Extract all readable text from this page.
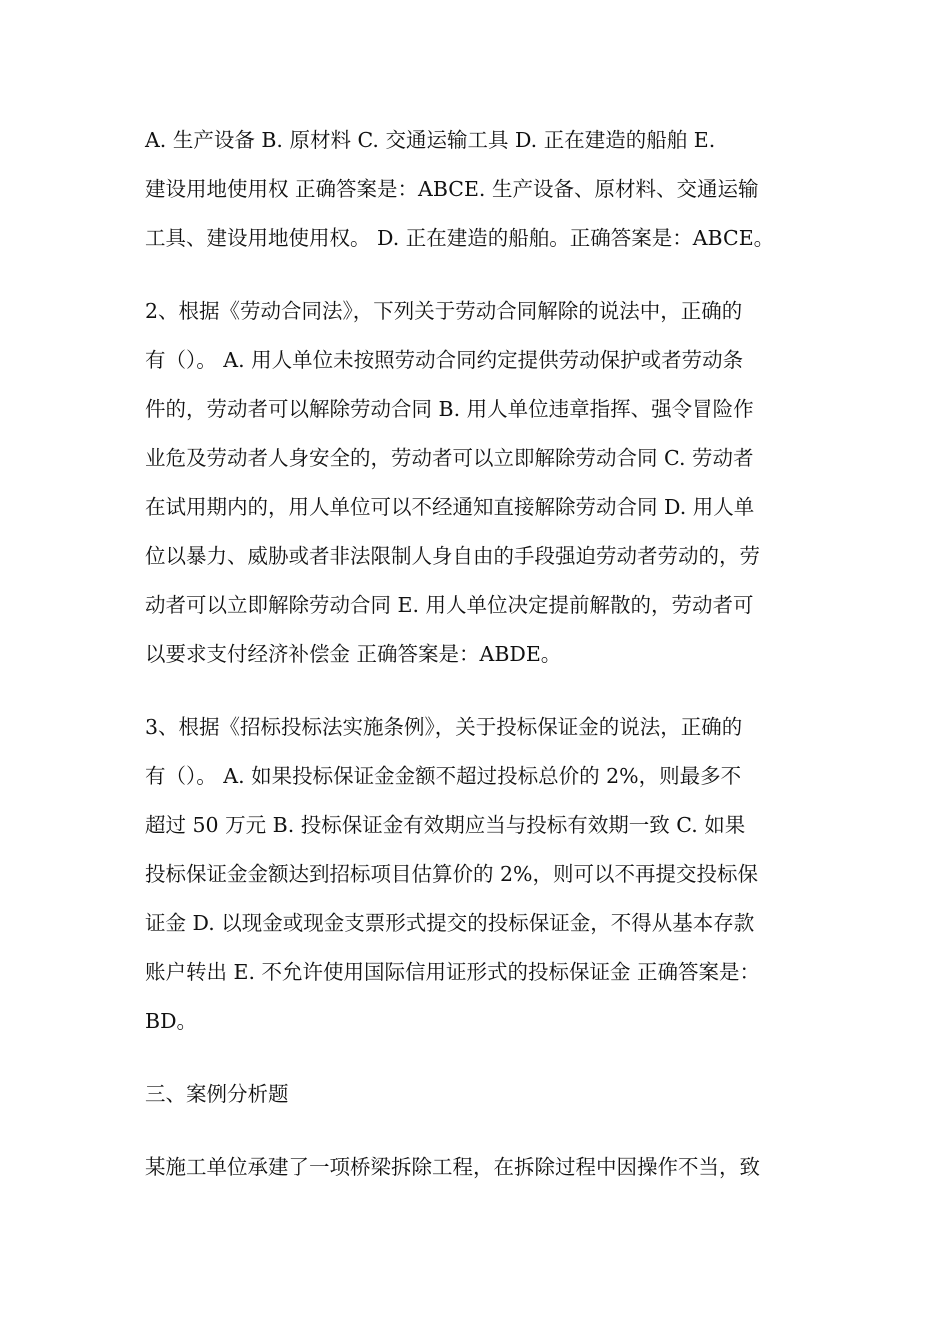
A. 生产设备 B. 原材料 C. 交通运输工具 D. 正在建造的船舶 E.
建设用地使用权 正确答案是：ABCE. 生产设备、原材料、交通运输
工具、建设用地使用权。 D. 正在建造的船舶。正确答案是：ABCE。

2、根据《劳动合同法》，下列关于劳动合同解除的说法中，正确的
有（）。 A. 用人单位未按照劳动合同约定提供劳动保护或者劳动条
件的，劳动者可以解除劳动合同 B. 用人单位违章指挥、强令冒险作
业危及劳动者人身安全的，劳动者可以立即解除劳动合同 C. 劳动者
在试用期内的，用人单位可以不经通知直接解除劳动合同 D. 用人单
位以暴力、威胁或者非法限制人身自由的手段强迫劳动者劳动的，劳
动者可以立即解除劳动合同 E. 用人单位决定提前解散的，劳动者可
以要求支付经济补偿金 正确答案是：ABDE。

3、根据《招标投标法实施条例》，关于投标保证金的说法，正确的
有（）。 A. 如果投标保证金金额不超过投标总价的 2%，则最多不
超过 50 万元 B. 投标保证金有效期应当与投标有效期一致 C. 如果
投标保证金金额达到招标项目估算价的 2%，则可以不再提交投标保
证金 D. 以现金或现金支票形式提交的投标保证金，不得从基本存款
账户转出 E. 不允许使用国际信用证形式的投标保证金 正确答案是：
BD。

三、案例分析题

某施工单位承建了一项桥梁拆除工程，在拆除过程中因操作不当，致
